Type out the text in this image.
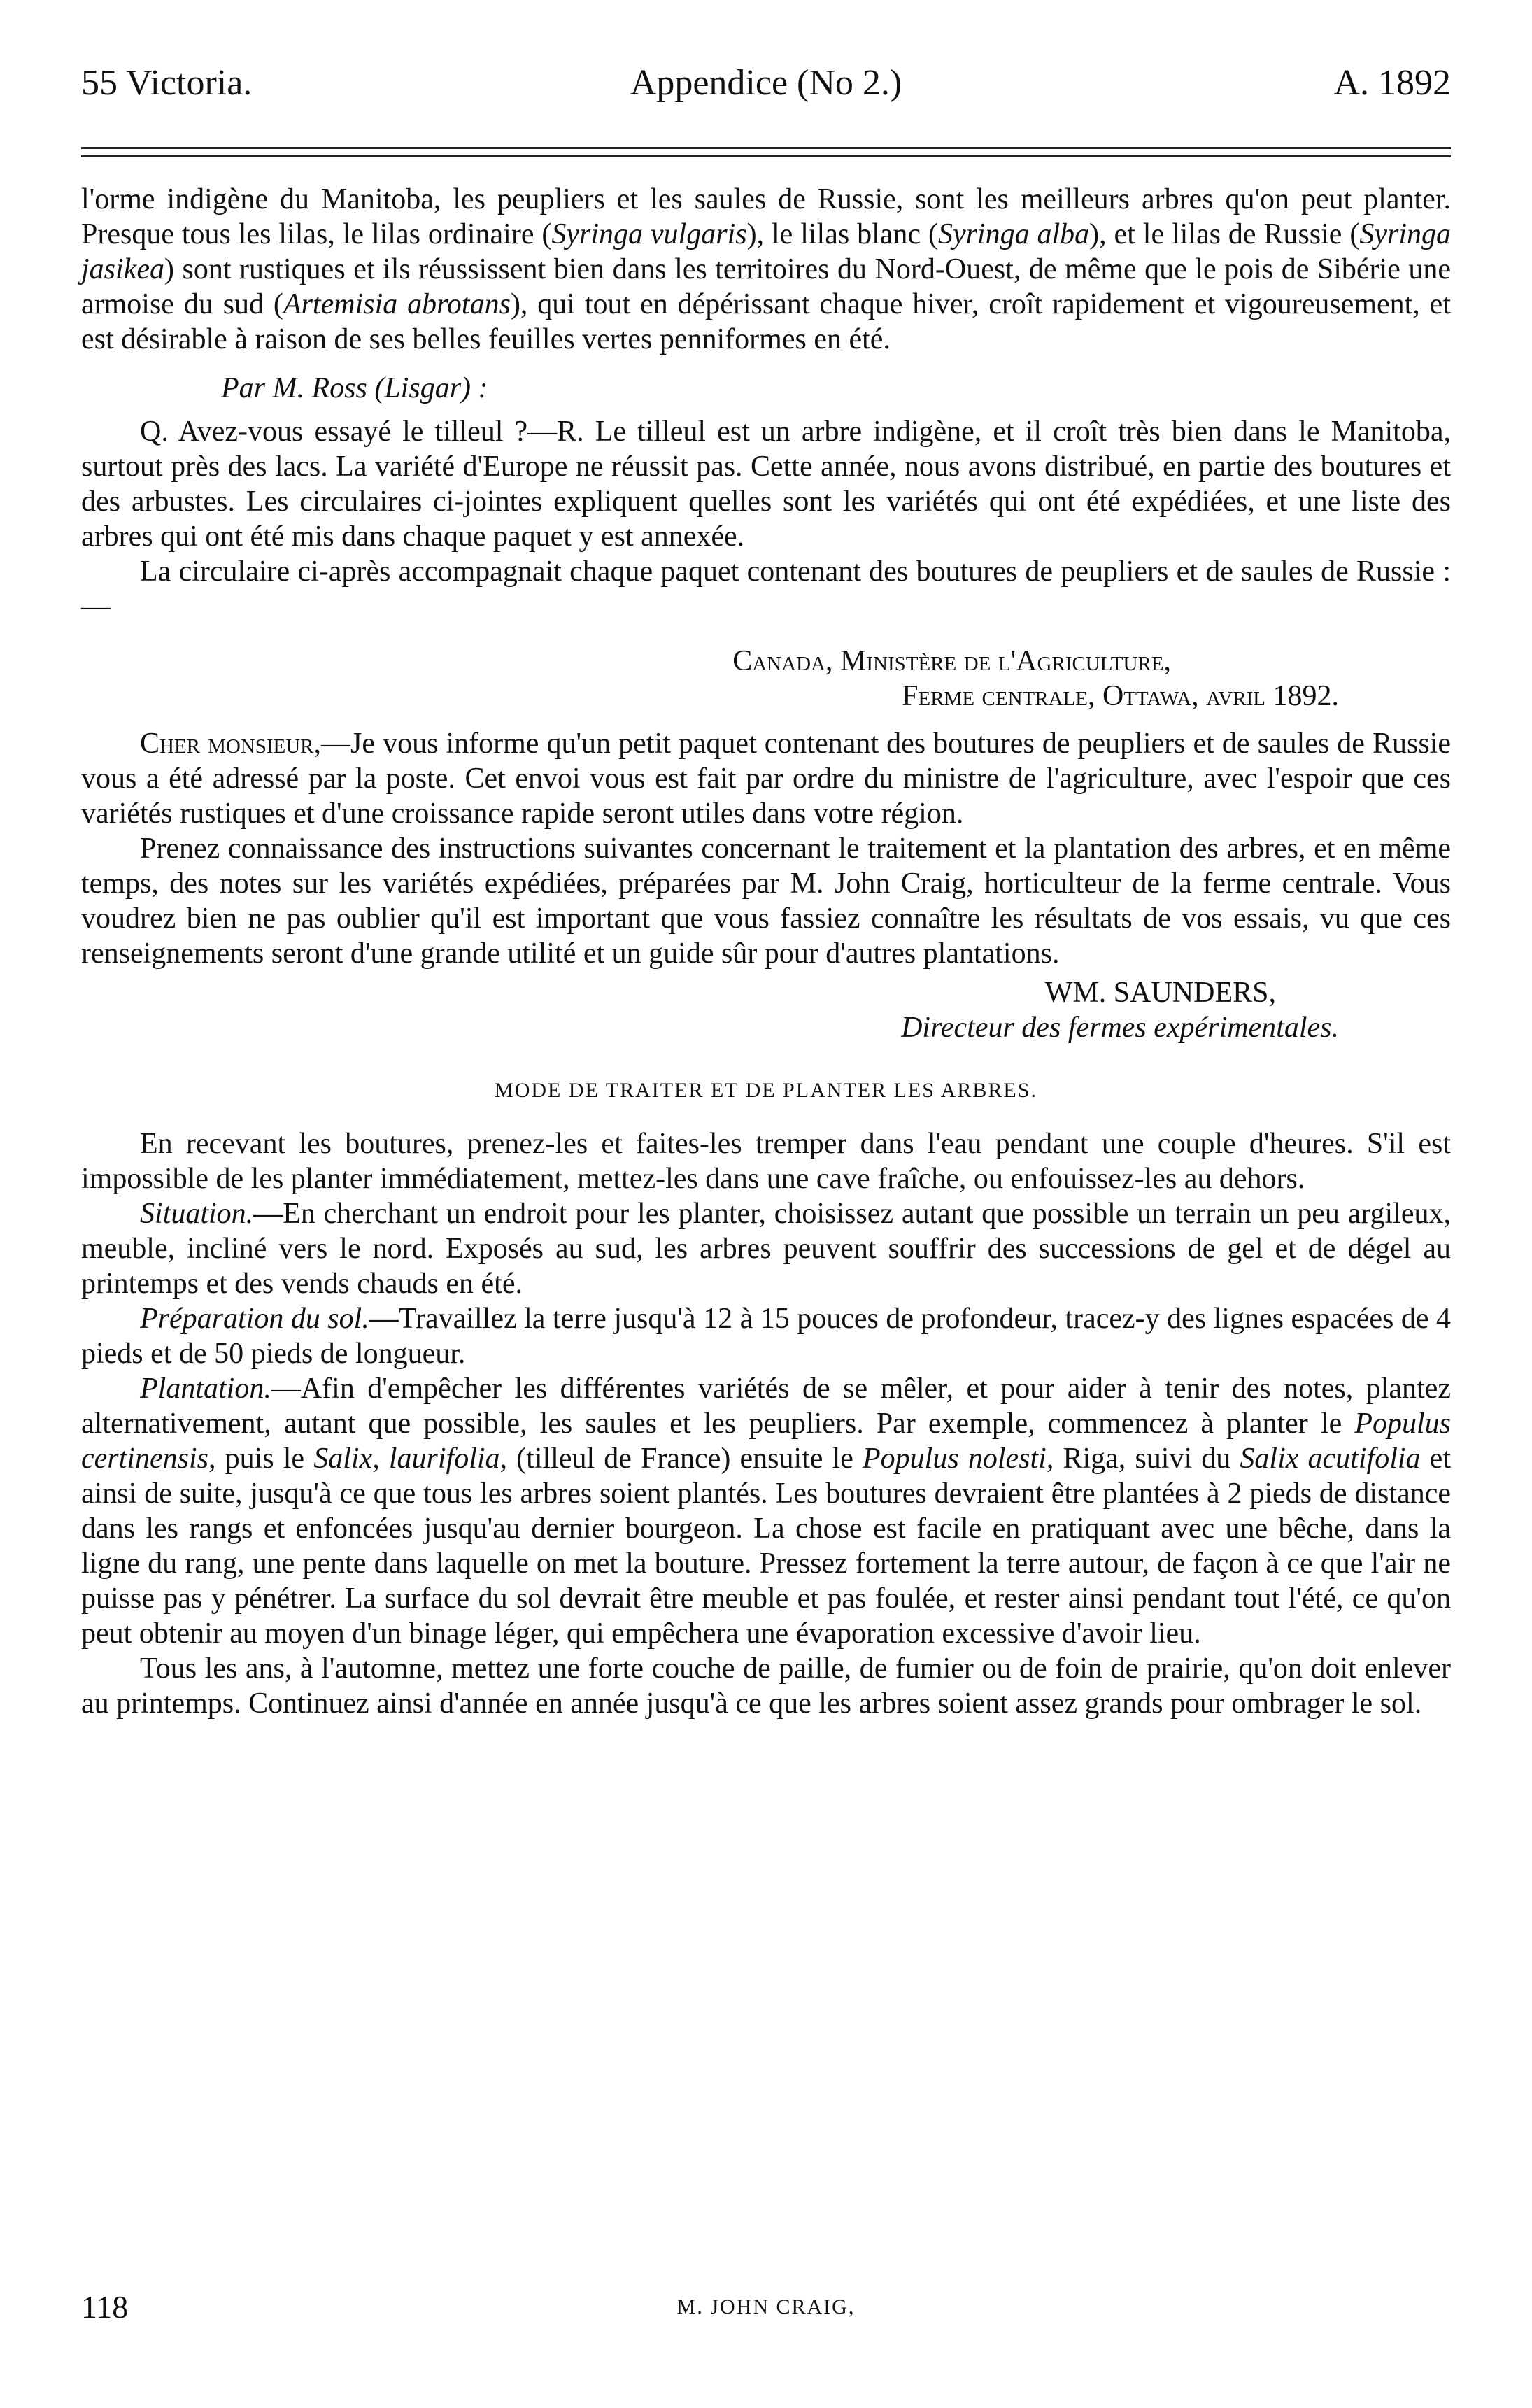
55 Victoria.	Appendice (No 2.)	A. 1892

l'orme indigène du Manitoba, les peupliers et les saules de Russie, sont les meilleurs arbres qu'on peut planter. Presque tous les lilas, le lilas ordinaire (Syringa vulgaris), le lilas blanc (Syringa alba), et le lilas de Russie (Syringa jasikea) sont rustiques et ils réussissent bien dans les territoires du Nord-Ouest, de même que le pois de Sibérie une armoise du sud (Artemisia abrotans), qui tout en dépérissant chaque hiver, croît rapidement et vigoureusement, et est désirable à raison de ses belles feuilles vertes penniformes en été.

Par M. Ross (Lisgar) :

Q. Avez-vous essayé le tilleul ?—R. Le tilleul est un arbre indigène, et il croît très bien dans le Manitoba, surtout près des lacs. La variété d'Europe ne réussit pas. Cette année, nous avons distribué, en partie des boutures et des arbustes. Les circulaires ci-jointes expliquent quelles sont les variétés qui ont été expédiées, et une liste des arbres qui ont été mis dans chaque paquet y est annexée.

La circulaire ci-après accompagnait chaque paquet contenant des boutures de peupliers et de saules de Russie :—

Canada, Ministère de l'Agriculture,

Ferme centrale, Ottawa, avril 1892.

Cher monsieur,—Je vous informe qu'un petit paquet contenant des boutures de peupliers et de saules de Russie vous a été adressé par la poste. Cet envoi vous est fait par ordre du ministre de l'agriculture, avec l'espoir que ces variétés rustiques et d'une croissance rapide seront utiles dans votre région.

Prenez connaissance des instructions suivantes concernant le traitement et la plantation des arbres, et en même temps, des notes sur les variétés expédiées, préparées par M. John Craig, horticulteur de la ferme centrale. Vous voudrez bien ne pas oublier qu'il est important que vous fassiez connaître les résultats de vos essais, vu que ces renseignements seront d'une grande utilité et un guide sûr pour d'autres plantations.

WM. SAUNDERS,

Directeur des fermes expérimentales.

MODE DE TRAITER ET DE PLANTER LES ARBRES.

En recevant les boutures, prenez-les et faites-les tremper dans l'eau pendant une couple d'heures. S'il est impossible de les planter immédiatement, mettez-les dans une cave fraîche, ou enfouissez-les au dehors.

Situation.—En cherchant un endroit pour les planter, choisissez autant que possible un terrain un peu argileux, meuble, incliné vers le nord. Exposés au sud, les arbres peuvent souffrir des successions de gel et de dégel au printemps et des vends chauds en été.

Préparation du sol.—Travaillez la terre jusqu'à 12 à 15 pouces de profondeur, tracez-y des lignes espacées de 4 pieds et de 50 pieds de longueur.

Plantation.—Afin d'empêcher les différentes variétés de se mêler, et pour aider à tenir des notes, plantez alternativement, autant que possible, les saules et les peupliers. Par exemple, commencez à planter le Populus certinensis, puis le Salix, laurifolia, (tilleul de France) ensuite le Populus nolesti, Riga, suivi du Salix acutifolia et ainsi de suite, jusqu'à ce que tous les arbres soient plantés. Les boutures devraient être plantées à 2 pieds de distance dans les rangs et enfoncées jusqu'au dernier bourgeon. La chose est facile en pratiquant avec une bêche, dans la ligne du rang, une pente dans laquelle on met la bouture. Pressez fortement la terre autour, de façon à ce que l'air ne puisse pas y pénétrer. La surface du sol devrait être meuble et pas foulée, et rester ainsi pendant tout l'été, ce qu'on peut obtenir au moyen d'un binage léger, qui empêchera une évaporation excessive d'avoir lieu.

Tous les ans, à l'automne, mettez une forte couche de paille, de fumier ou de foin de prairie, qu'on doit enlever au printemps. Continuez ainsi d'année en année jusqu'à ce que les arbres soient assez grands pour ombrager le sol.

118	M. JOHN CRAIG,
